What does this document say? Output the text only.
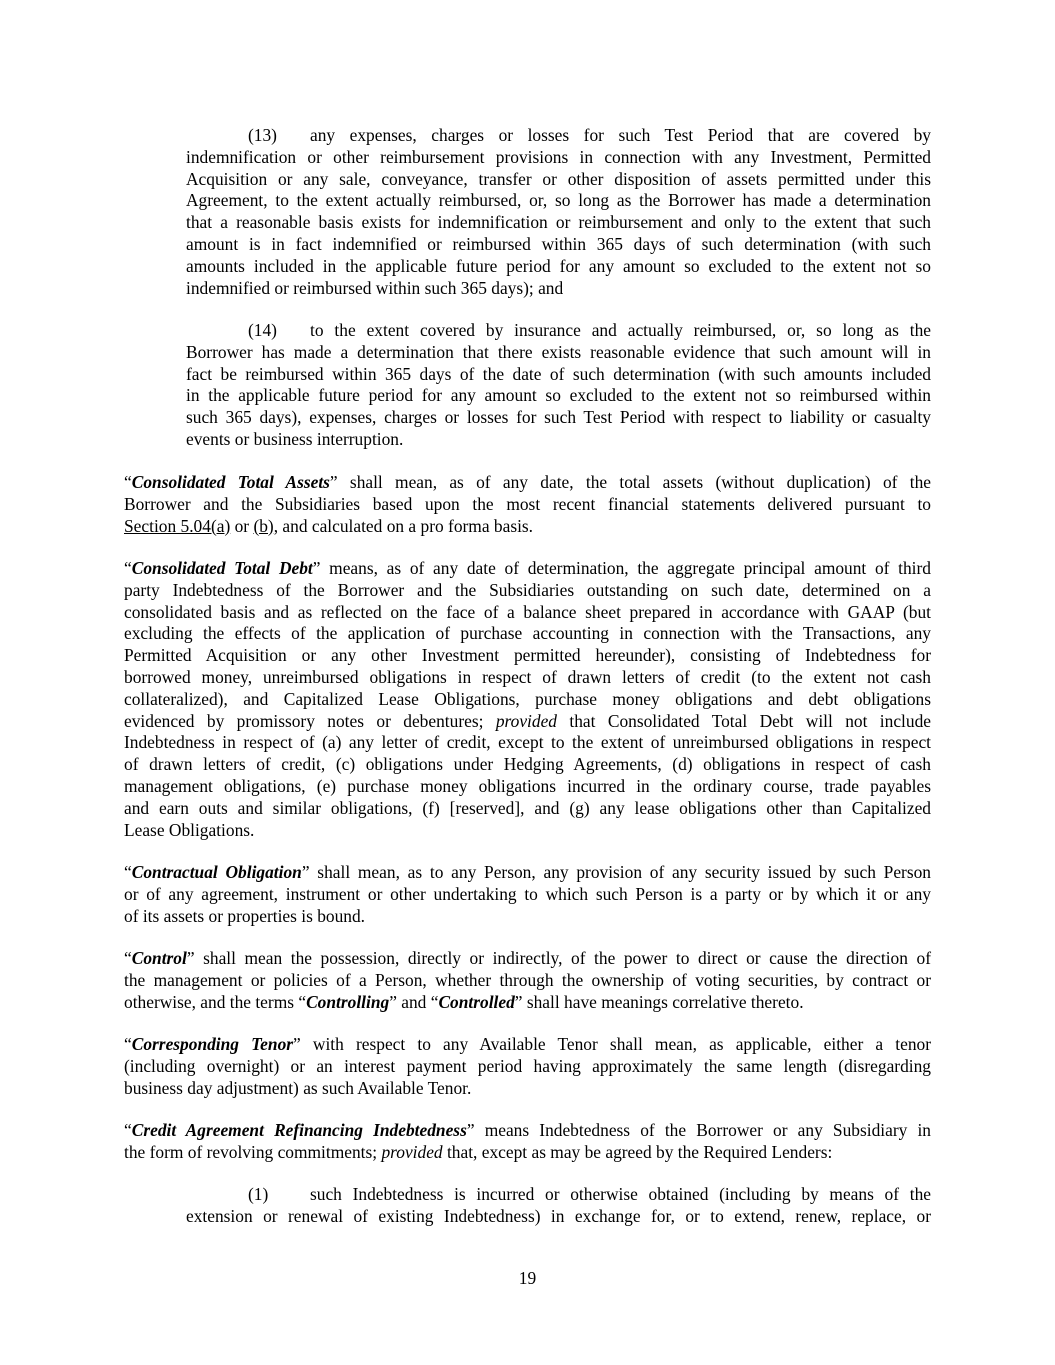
(13) any expenses, charges or losses for such Test Period that are covered by
indemnification or other reimbursement provisions in connection with any Investment, Permitted
Acquisition or any sale, conveyance, transfer or other disposition of assets permitted under this
Agreement, to the extent actually reimbursed, or, so long as the Borrower has made a determination
that a reasonable basis exists for indemnification or reimbursement and only to the extent that such
amount is in fact indemnified or reimbursed within 365 days of such determination (with such
amounts included in the applicable future period for any amount so excluded to the extent not so
indemnified or reimbursed within such 365 days); and
(14) to the extent covered by insurance and actually reimbursed, or, so long as the
Borrower has made a determination that there exists reasonable evidence that such amount will in
fact be reimbursed within 365 days of the date of such determination (with such amounts included
in the applicable future period for any amount so excluded to the extent not so reimbursed within
such 365 days), expenses, charges or losses for such Test Period with respect to liability or casualty
events or business interruption.
“Consolidated Total Assets” shall mean, as of any date, the total assets (without duplication) of the
Borrower and the Subsidiaries based upon the most recent financial statements delivered pursuant to
Section 5.04(a) or (b), and calculated on a pro forma basis.
“Consolidated Total Debt” means, as of any date of determination, the aggregate principal amount of third
party Indebtedness of the Borrower and the Subsidiaries outstanding on such date, determined on a
consolidated basis and as reflected on the face of a balance sheet prepared in accordance with GAAP (but
excluding the effects of the application of purchase accounting in connection with the Transactions, any
Permitted Acquisition or any other Investment permitted hereunder), consisting of Indebtedness for
borrowed money, unreimbursed obligations in respect of drawn letters of credit (to the extent not cash
collateralized), and Capitalized Lease Obligations, purchase money obligations and debt obligations
evidenced by promissory notes or debentures; provided that Consolidated Total Debt will not include
Indebtedness in respect of (a) any letter of credit, except to the extent of unreimbursed obligations in respect
of drawn letters of credit, (c) obligations under Hedging Agreements, (d) obligations in respect of cash
management obligations, (e) purchase money obligations incurred in the ordinary course, trade payables
and earn outs and similar obligations, (f) [reserved], and (g) any lease obligations other than Capitalized
Lease Obligations.
“Contractual Obligation” shall mean, as to any Person, any provision of any security issued by such Person
or of any agreement, instrument or other undertaking to which such Person is a party or by which it or any
of its assets or properties is bound.
“Control” shall mean the possession, directly or indirectly, of the power to direct or cause the direction of
the management or policies of a Person, whether through the ownership of voting securities, by contract or
otherwise, and the terms “Controlling” and “Controlled” shall have meanings correlative thereto.
“Corresponding Tenor” with respect to any Available Tenor shall mean, as applicable, either a tenor
(including overnight) or an interest payment period having approximately the same length (disregarding
business day adjustment) as such Available Tenor.
“Credit Agreement Refinancing Indebtedness” means Indebtedness of the Borrower or any Subsidiary in
the form of revolving commitments; provided that, except as may be agreed by the Required Lenders:
(1) such Indebtedness is incurred or otherwise obtained (including by means of the
extension or renewal of existing Indebtedness) in exchange for, or to extend, renew, replace, or
19
